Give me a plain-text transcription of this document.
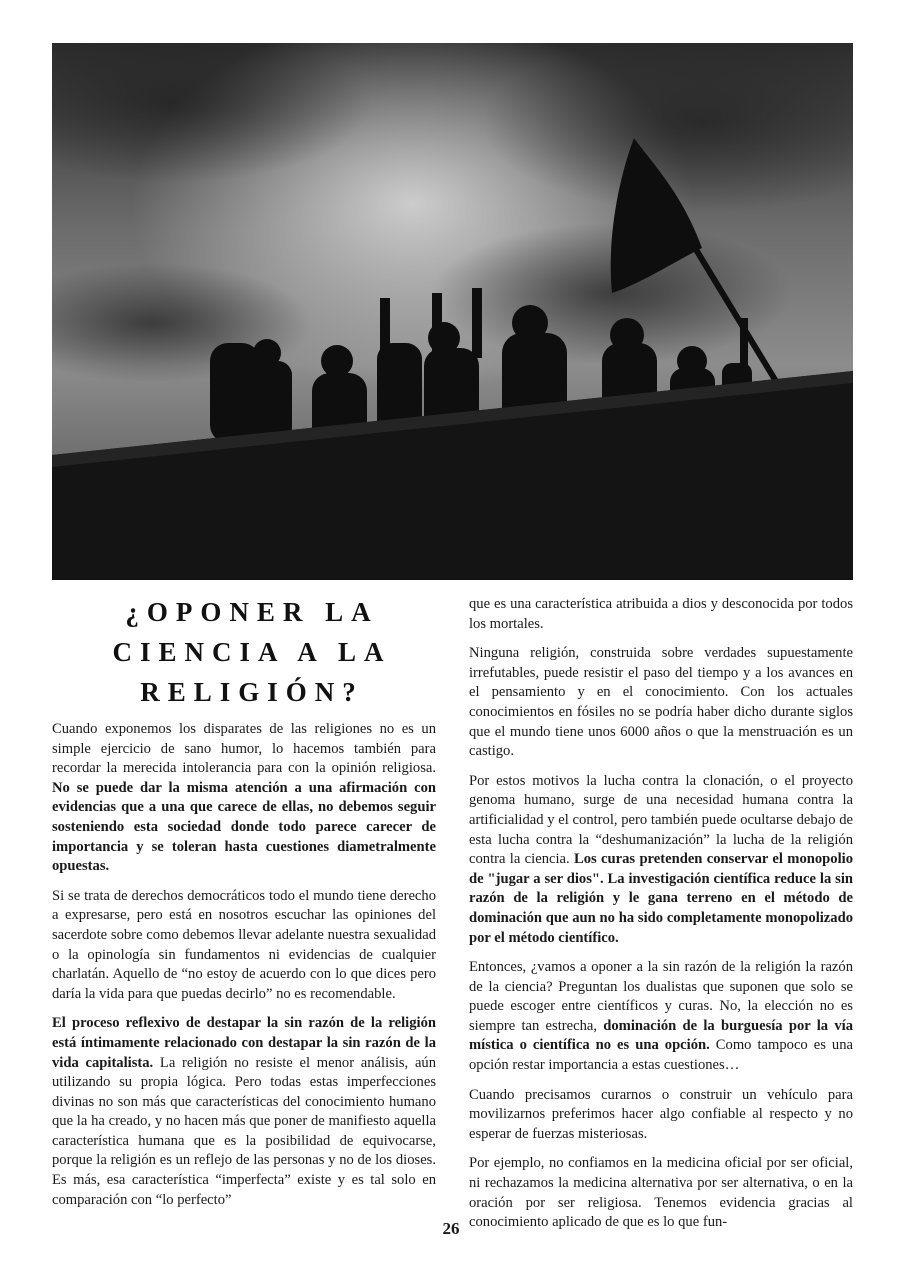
¿OPONER LA
CIENCIA A LA
RELIGIÓN?

Cuando exponemos los disparates de las religiones no es un simple ejercicio de sano humor, lo hacemos también para recordar la merecida intolerancia para con la opinión religiosa. No se puede dar la misma atención a una afirmación con evidencias que a una que carece de ellas, no debemos seguir sosteniendo esta sociedad donde todo parece carecer de importancia y se toleran hasta cuestiones diametralmente opuestas.

Si se trata de derechos democráticos todo el mundo tiene derecho a expresarse, pero está en nosotros escuchar las opiniones del sacerdote sobre como debemos llevar adelante nuestra sexualidad o la opinología sin fundamentos ni evidencias de cualquier charlatán. Aquello de “no estoy de acuerdo con lo que dices pero daría la vida para que puedas decirlo” no es recomendable.

El proceso reflexivo de destapar la sin razón de la religión está íntimamente relacionado con destapar la sin razón de la vida capitalista. La religión no resiste el menor análisis, aún utilizando su propia lógica. Pero todas estas imperfecciones divinas no son más que características del conocimiento humano que la ha creado, y no hacen más que poner de manifiesto aquella característica humana que es la posibilidad de equivocarse, porque la religión es un reflejo de las personas y no de los dioses. Es más, esa característica “imperfecta” existe y es tal solo en comparación con “lo perfecto”

que es una característica atribuida a dios y desconocida por todos los mortales.

Ninguna religión, construida sobre verdades supuestamente irrefutables, puede resistir el paso del tiempo y a los avances en el pensamiento y en el conocimiento. Con los actuales conocimientos en fósiles no se podría haber dicho durante siglos que el mundo tiene unos 6000 años o que la menstruación es un castigo.

Por estos motivos la lucha contra la clonación, o el proyecto genoma humano, surge de una necesidad humana contra la artificialidad y el control, pero también puede ocultarse debajo de esta lucha contra la “deshumanización” la lucha de la religión contra la ciencia. Los curas pretenden conservar el monopolio de "jugar a ser dios". La investigación científica reduce la sin razón de la religión y le gana terreno en el método de dominación que aun no ha sido completamente monopolizado por el método científico.

Entonces, ¿vamos a oponer a la sin razón de la religión la razón de la ciencia? Preguntan los dualistas que suponen que solo se puede escoger entre científicos y curas. No, la elección no es siempre tan estrecha, dominación de la burguesía por la vía mística o científica no es una opción. Como tampoco es una opción restar importancia a estas cuestiones…

Cuando precisamos curarnos o construir un vehículo para movilizarnos preferimos hacer algo confiable al respecto y no esperar de fuerzas misteriosas.

Por ejemplo, no confiamos en la medicina oficial por ser oficial, ni rechazamos la medicina alternativa por ser alternativa, o en la oración por ser religiosa. Tenemos evidencia gracias al conocimiento aplicado de que es lo que fun-

26
